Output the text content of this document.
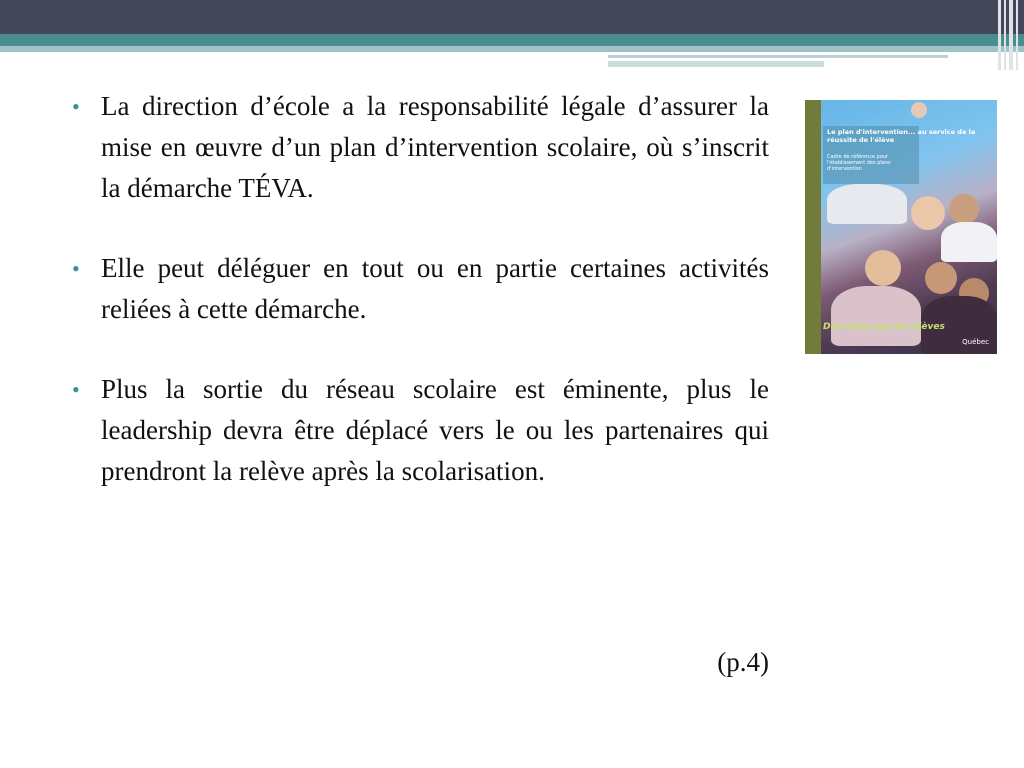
• La direction d’école a la responsabilité légale d’assurer la mise en œuvre d’un plan d’intervention scolaire, où s’inscrit la démarche TÉVA.
• Elle peut déléguer en tout ou en partie certaines activités reliées à cette démarche.
• Plus la sortie du réseau scolaire est éminente, plus le leadership devra être déplacé vers le ou les partenaires qui prendront la relève après la scolarisation.
(p.4)
Le plan d'intervention... au service de la réussite de l'élève
Cadre de référence pour l'établissement des plans d'intervention
Décroche pas les élèves
Québec
